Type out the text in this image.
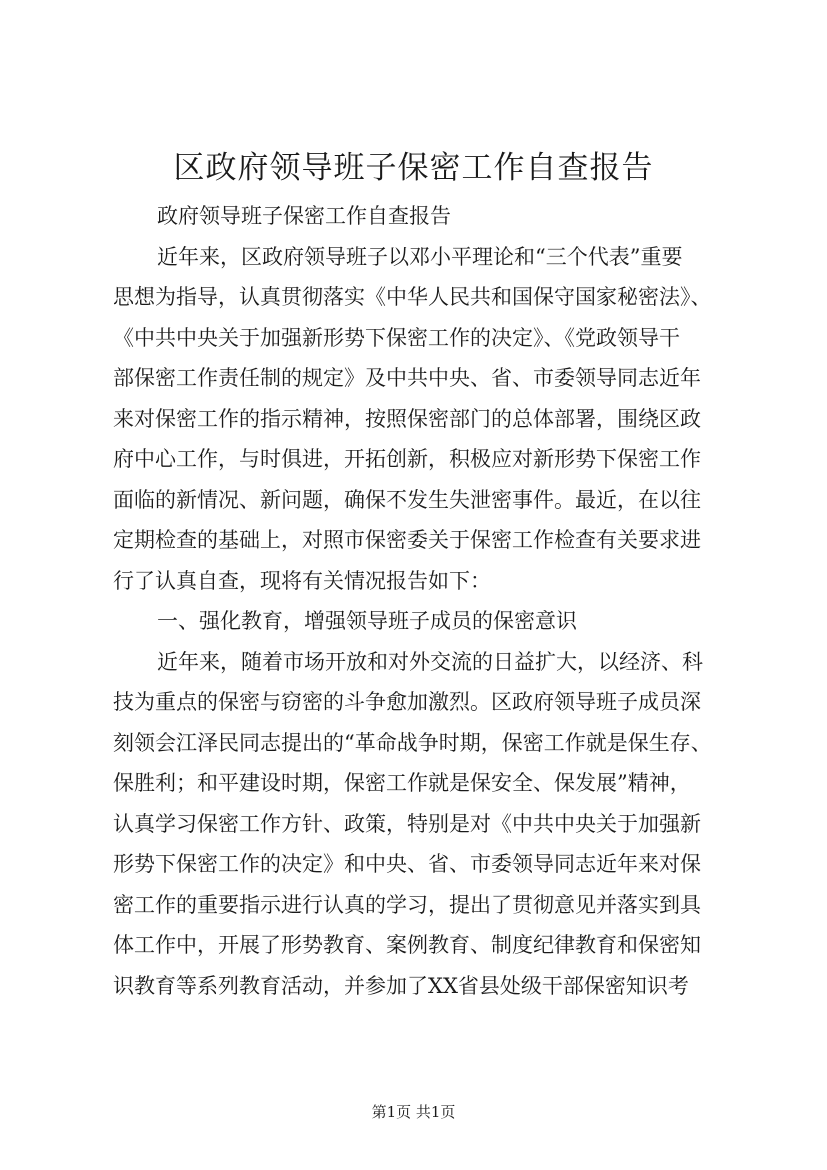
区政府领导班子保密工作自查报告
政府领导班子保密工作自查报告
近年来，区政府领导班子以邓小平理论和“三个代表”重要
思想为指导，认真贯彻落实《中华人民共和国保守国家秘密法》、
《中共中央关于加强新形势下保密工作的决定》、《党政领导干
部保密工作责任制的规定》及中共中央、省、市委领导同志近年
来对保密工作的指示精神，按照保密部门的总体部署，围绕区政
府中心工作，与时俱进，开拓创新，积极应对新形势下保密工作
面临的新情况、新问题，确保不发生失泄密事件。最近，在以往
定期检查的基础上，对照市保密委关于保密工作检查有关要求进
行了认真自查，现将有关情况报告如下：
一、强化教育，增强领导班子成员的保密意识
近年来，随着市场开放和对外交流的日益扩大，以经济、科
技为重点的保密与窃密的斗争愈加激烈。区政府领导班子成员深
刻领会江泽民同志提出的“革命战争时期，保密工作就是保生存、
保胜利；和平建设时期，保密工作就是保安全、保发展”精神，
认真学习保密工作方针、政策，特别是对《中共中央关于加强新
形势下保密工作的决定》和中央、省、市委领导同志近年来对保
密工作的重要指示进行认真的学习，提出了贯彻意见并落实到具
体工作中，开展了形势教育、案例教育、制度纪律教育和保密知
识教育等系列教育活动，并参加了XX省县处级干部保密知识考
第1页 共1页
